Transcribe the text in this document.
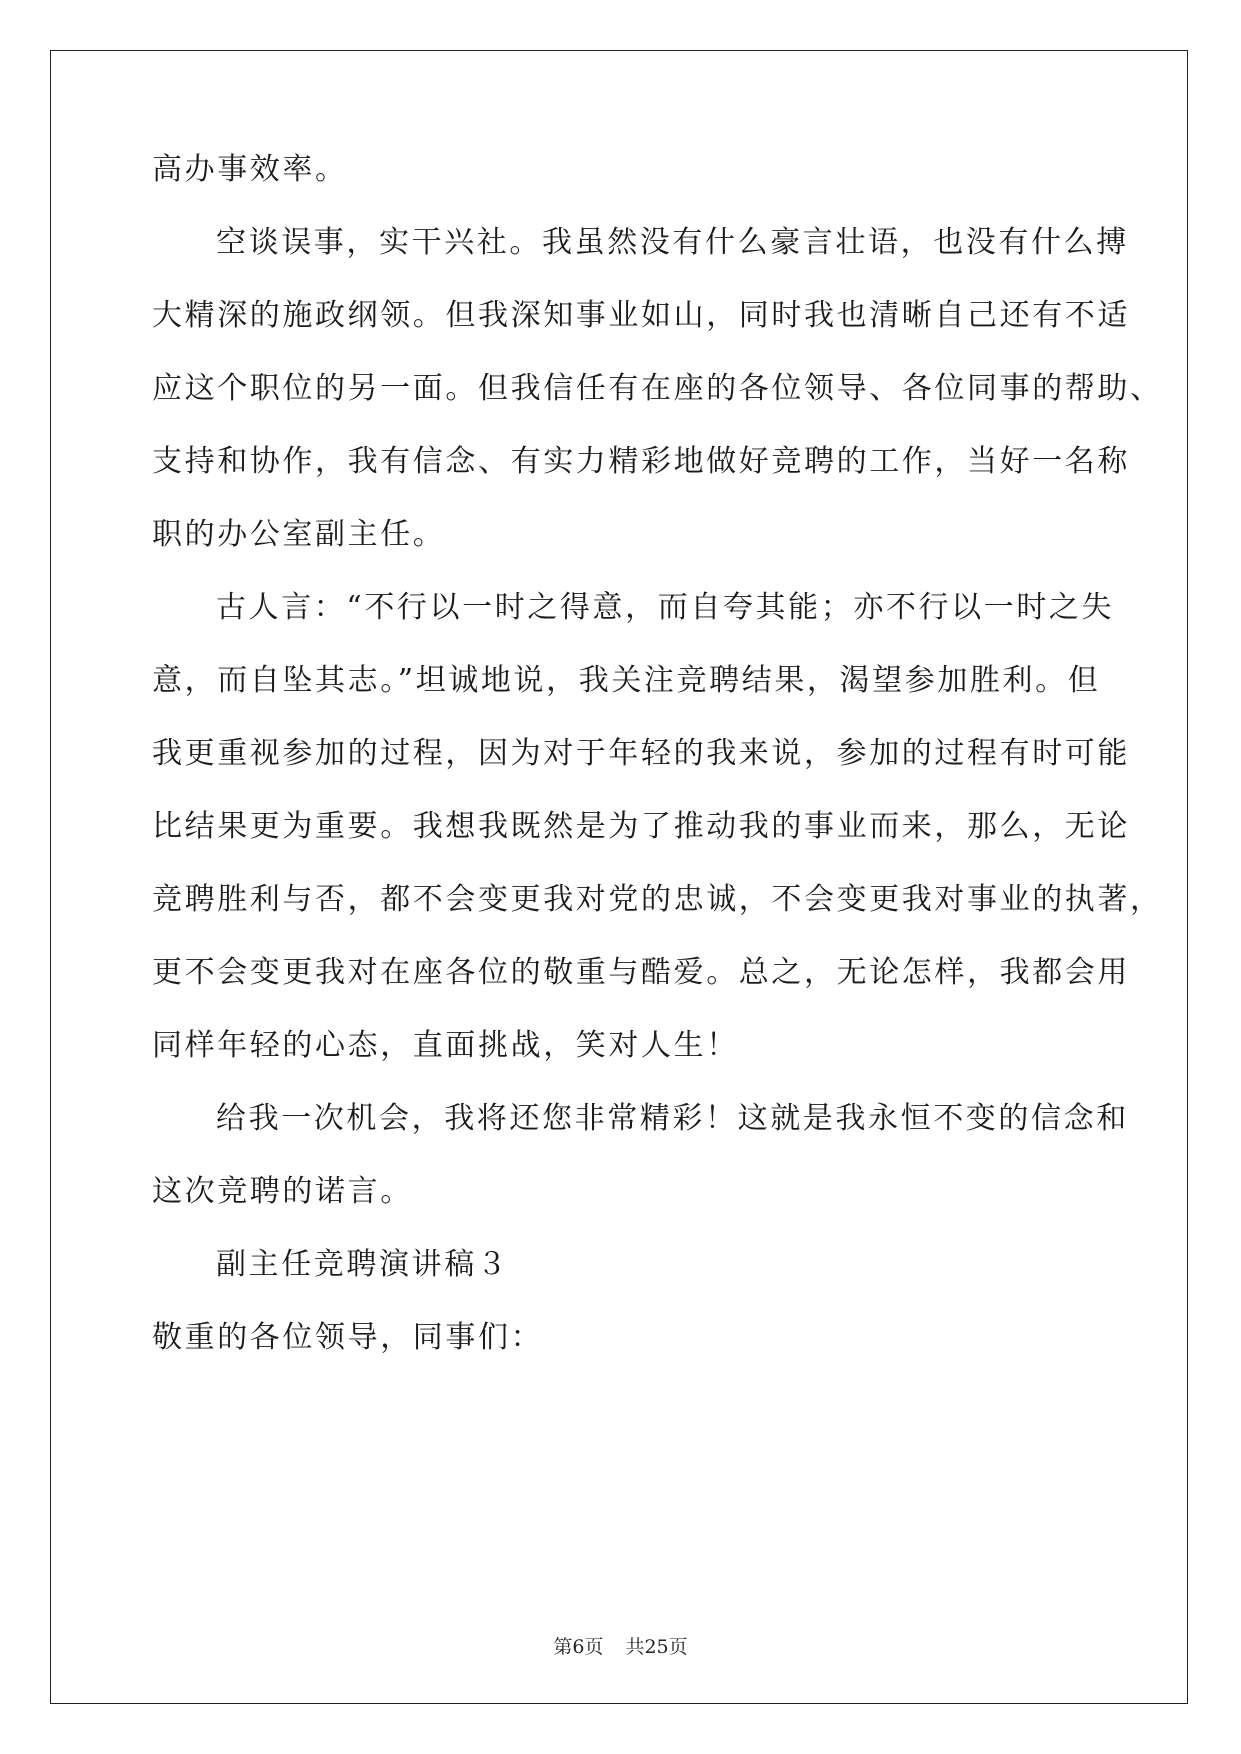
高办事效率。
空谈误事，实干兴社。我虽然没有什么豪言壮语，也没有什么搏
大精深的施政纲领。但我深知事业如山，同时我也清晰自己还有不适
应这个职位的另一面。但我信任有在座的各位领导、各位同事的帮助、
支持和协作，我有信念、有实力精彩地做好竞聘的工作，当好一名称
职的办公室副主任。
古人言：“不行以一时之得意，而自夸其能；亦不行以一时之失
意，而自坠其志。”坦诚地说，我关注竞聘结果，渴望参加胜利。但
我更重视参加的过程，因为对于年轻的我来说，参加的过程有时可能
比结果更为重要。我想我既然是为了推动我的事业而来，那么，无论
竞聘胜利与否，都不会变更我对党的忠诚，不会变更我对事业的执著，
更不会变更我对在座各位的敬重与酷爱。总之，无论怎样，我都会用
同样年轻的心态，直面挑战，笑对人生！
给我一次机会，我将还您非常精彩！这就是我永恒不变的信念和
这次竞聘的诺言。
副主任竞聘演讲稿３
敬重的各位领导，同事们：
第6页 共25页
